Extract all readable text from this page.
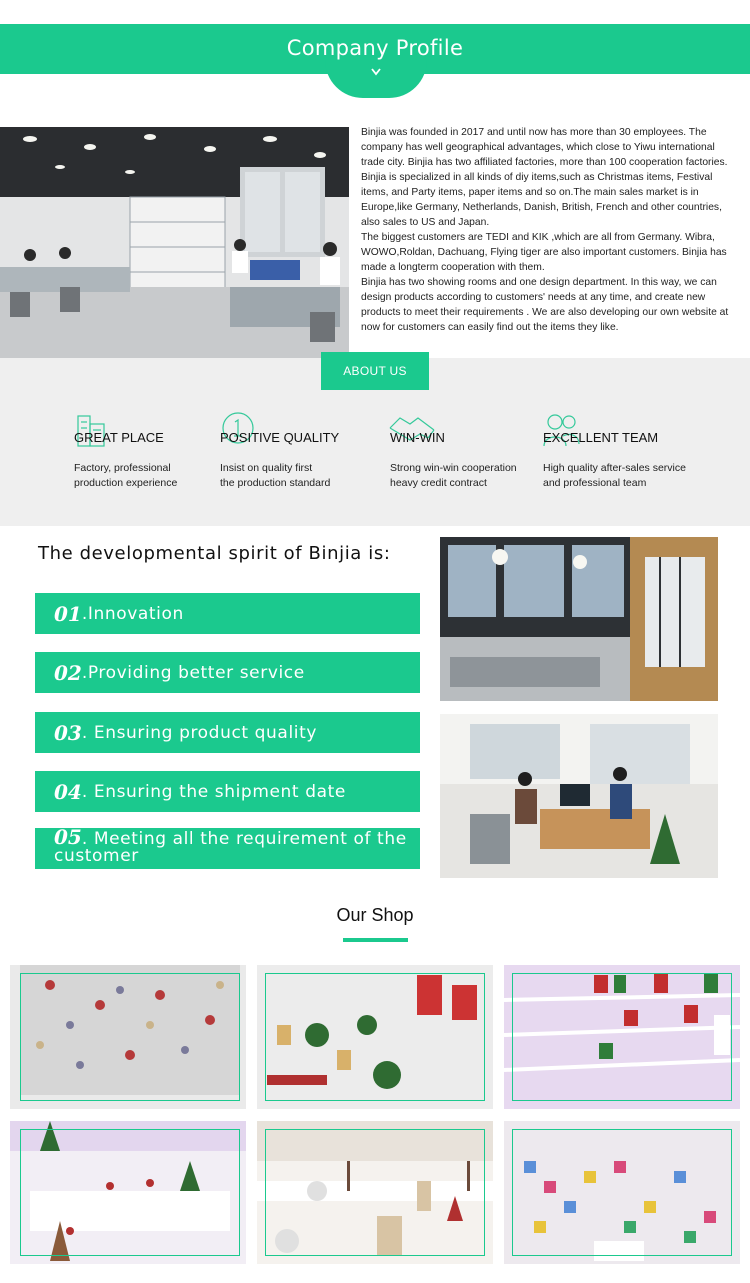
Company Profile

Binjia was founded in 2017 and until now has more than 30 employees. The company has well geographical advantages, which close to Yiwu international trade city. Binjia has two affiliated factories, more than 100 cooperation factories.

Binjia is specialized in all kinds of diy items,such as Christmas items, Festival items, and Party items, paper items and so on.The main sales market is in Europe,like Germany, Netherlands, Danish, British, French and other countries, also sales to US and Japan.

The biggest customers are TEDI and KIK ,which are all from Germany. Wibra, WOWO,Roldan, Dachuang, Flying tiger are also important customers. Binjia has made a longterm cooperation with them.

Binjia has two showing rooms and one design department. In this way, we can design products according to customers' needs at any time, and create new products to meet their requirements . We are also developing our own website at now for customers can easily find out the items they like.

ABOUT US
GREAT PLACE
Factory, professional
production experience
POSITIVE QUALITY
Insist on quality first
the production standard
WIN-WIN
Strong win-win cooperation
heavy credit contract
EXCELLENT TEAM
High quality after-sales service
and professional team
The developmental spirit of Binjia is:
01 .Innovation
02 .Providing better service
03 . Ensuring product quality
04 . Ensuring the shipment date
05. Meeting all the requirement of the customer
Our Shop
